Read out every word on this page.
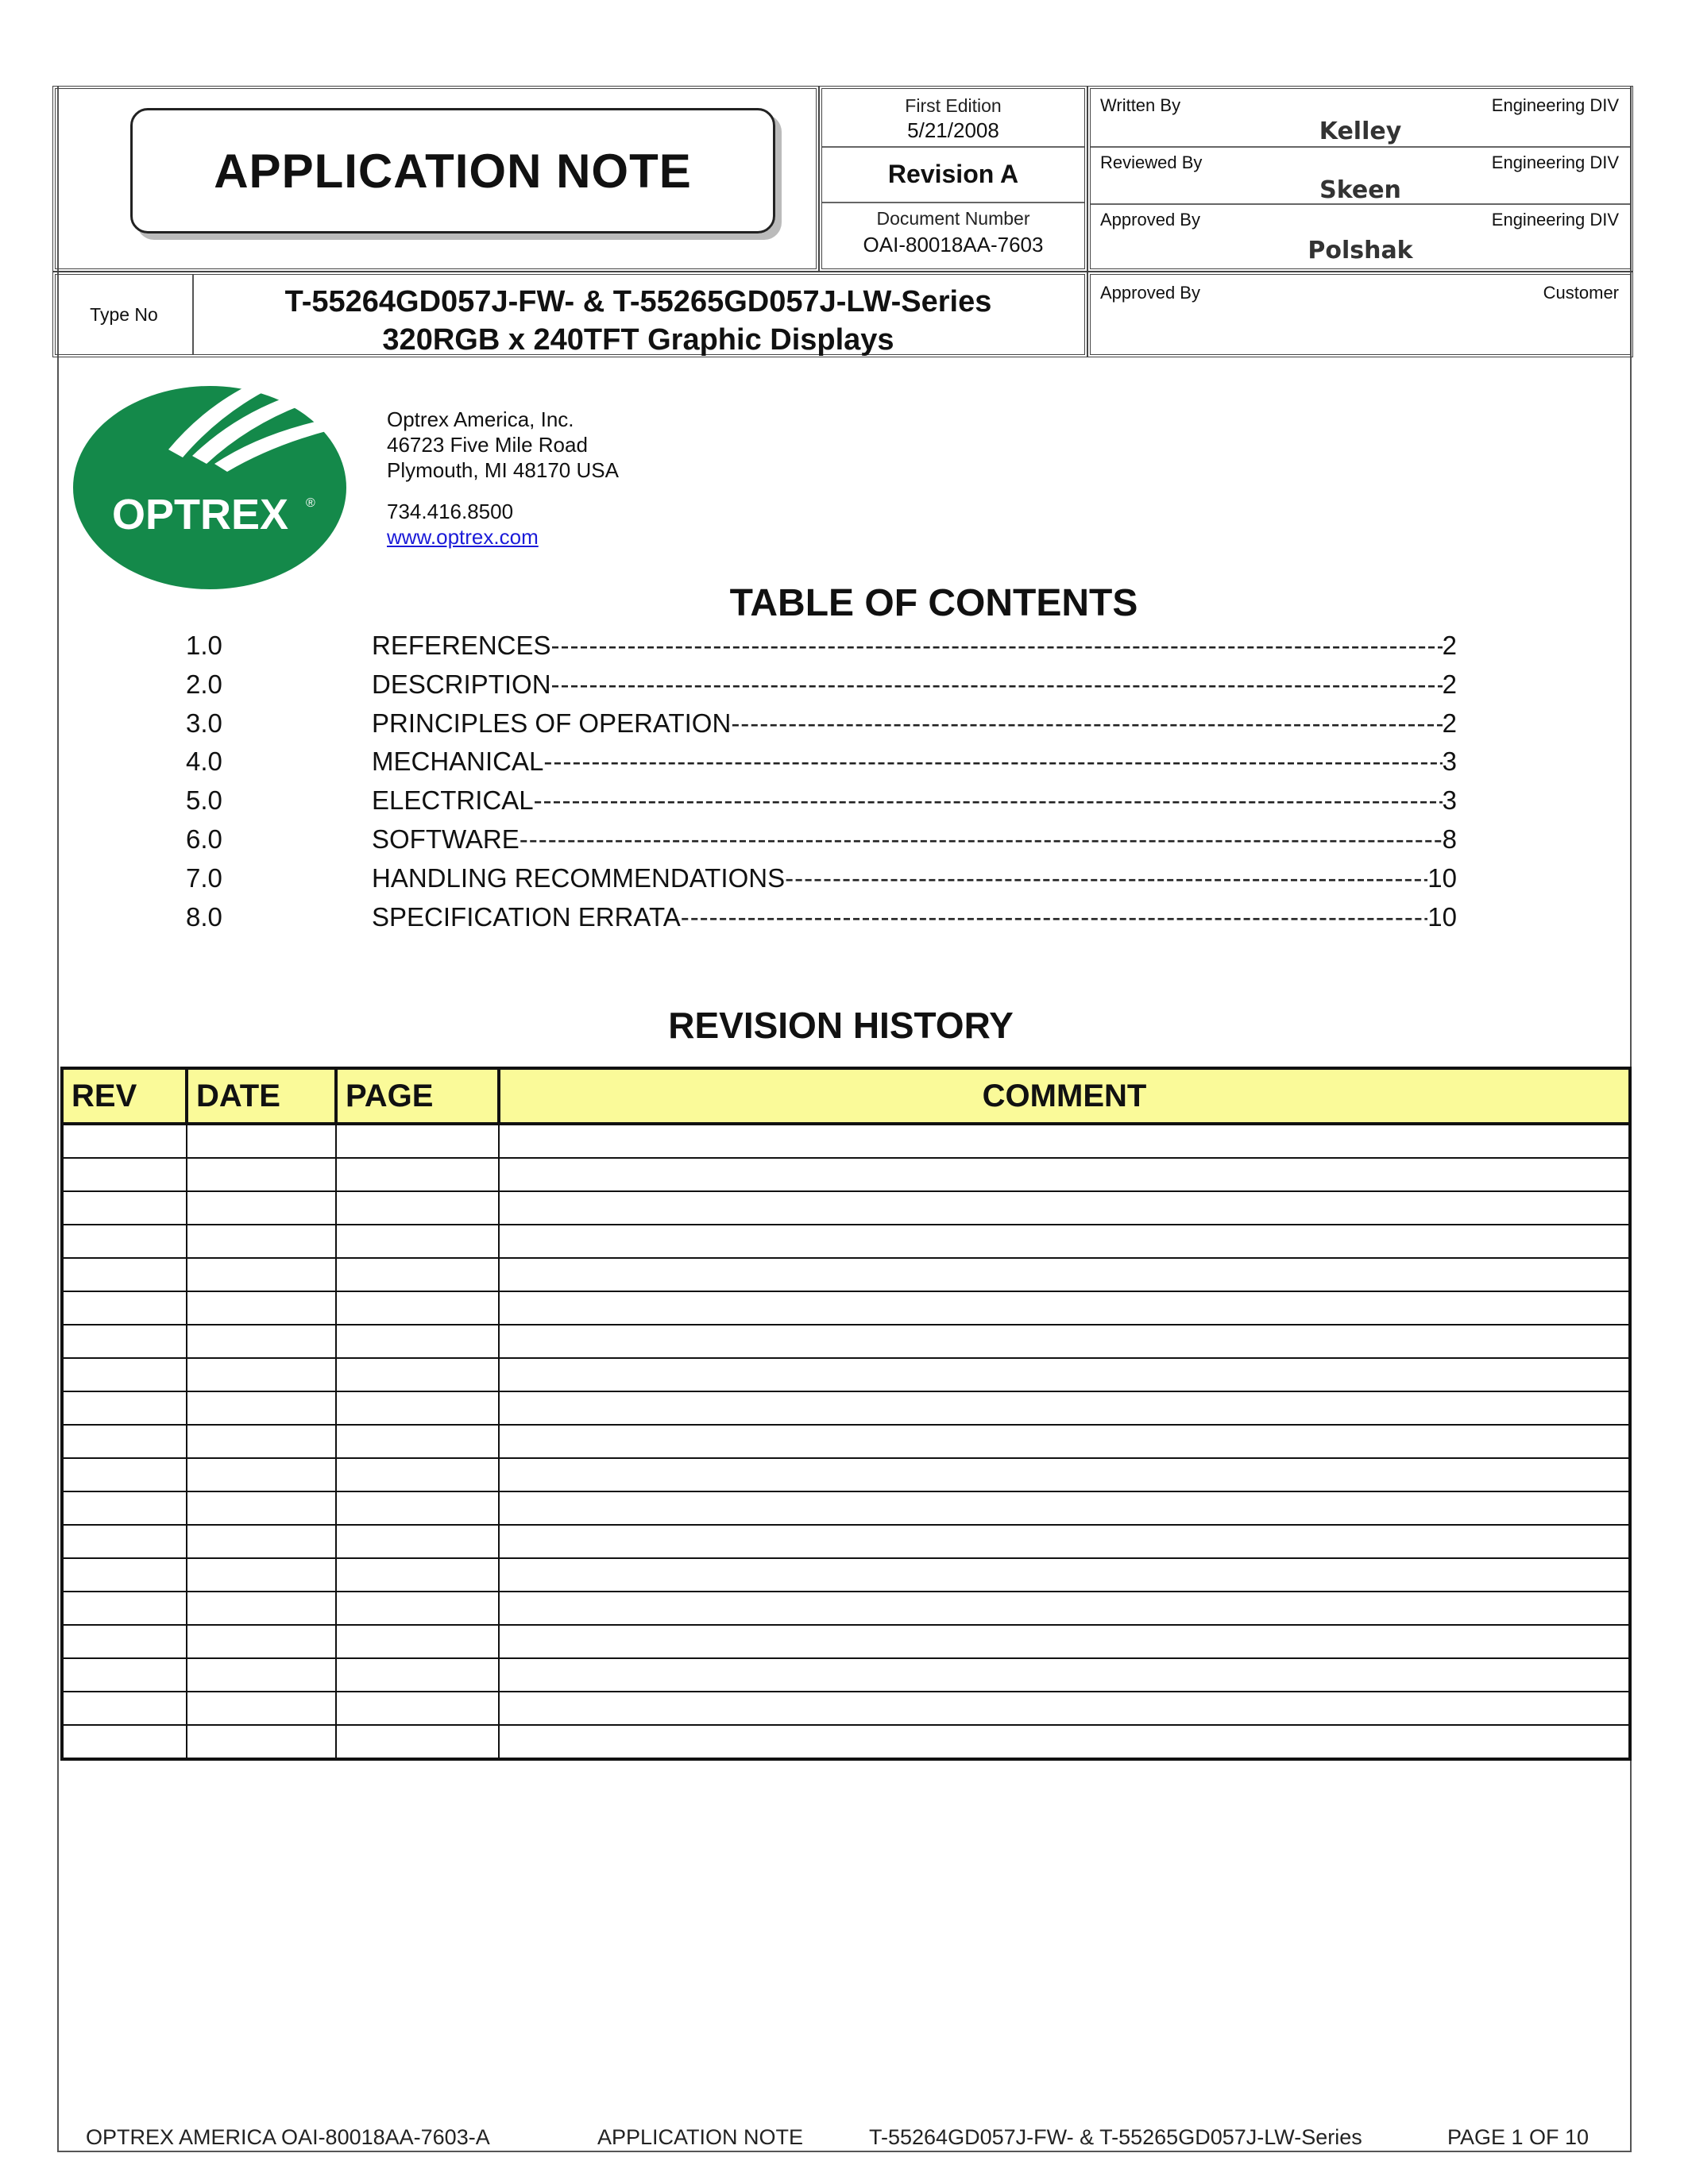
APPLICATION NOTE
First Edition
5/21/2008
Revision A
Document Number
OAI-80018AA-7603
Written By	Engineering DIV
Kelley
Reviewed By	Engineering DIV
Skeen
Approved By	Engineering DIV
Polshak
Type No	T-55264GD057J-FW- & T-55265GD057J-LW-Series
320RGB x 240TFT Graphic Displays
Approved By	Customer
OPTREX ®
Optrex America, Inc.
46723 Five Mile Road
Plymouth, MI 48170 USA
734.416.8500
www.optrex.com
TABLE OF CONTENTS
1.0	REFERENCES -----	2
2.0	DESCRIPTION -----	2
3.0	PRINCIPLES OF OPERATION -----	2
4.0	MECHANICAL -----	3
5.0	ELECTRICAL -----	3
6.0	SOFTWARE -----	8
7.0	HANDLING RECOMMENDATIONS -----	10
8.0	SPECIFICATION ERRATA -----	10
REVISION HISTORY
REV	DATE	PAGE	COMMENT

OPTREX AMERICA OAI-80018AA-7603-A	APPLICATION NOTE	T-55264GD057J-FW- & T-55265GD057J-LW-Series	PAGE 1 OF 10
